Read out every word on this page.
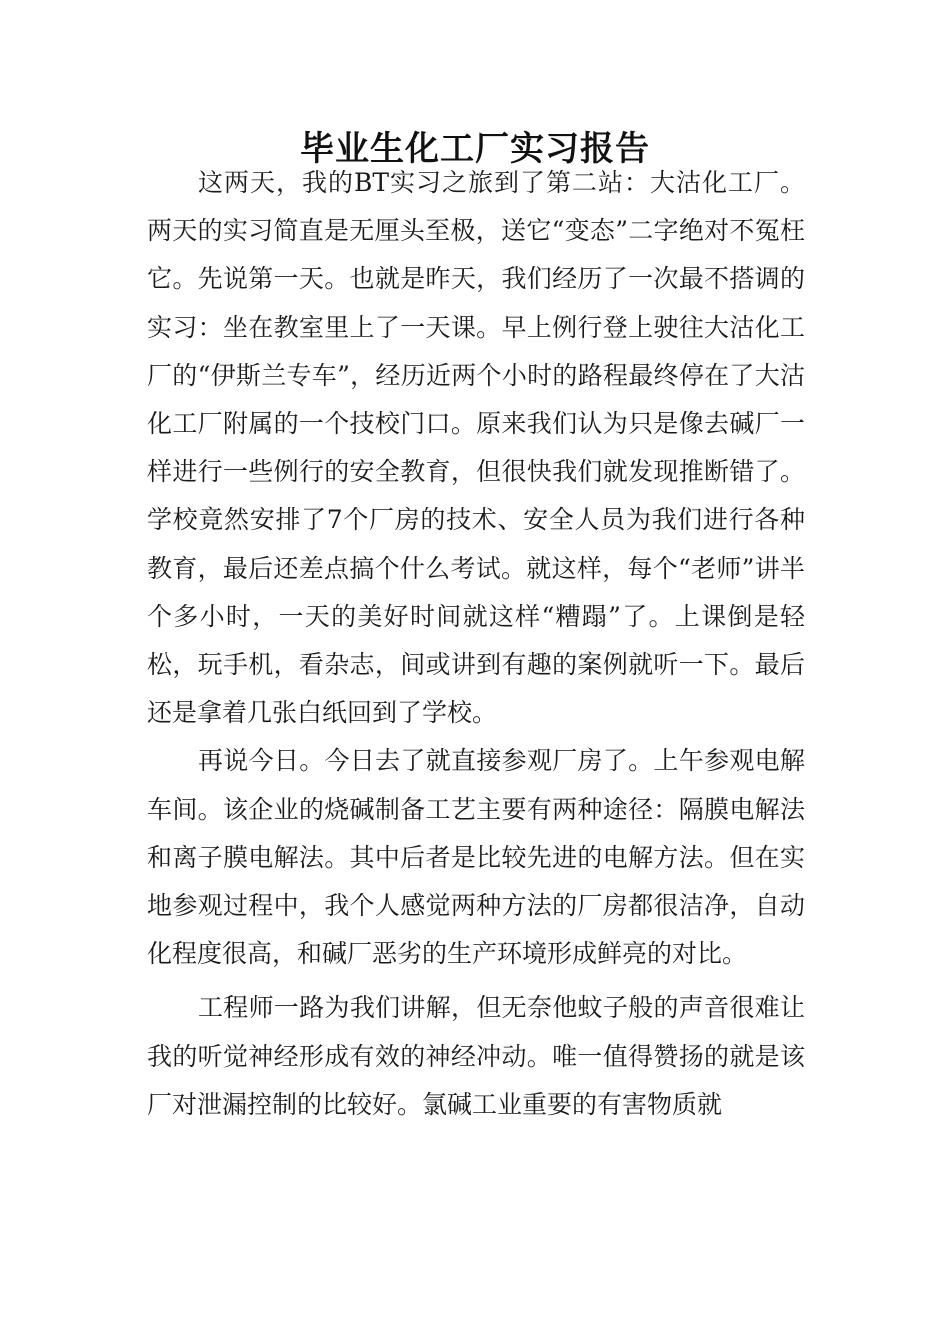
毕业生化工厂实习报告

这两天，我的BT实习之旅到了第二站：大沽化工厂。两天的实习简直是无厘头至极，送它“变态”二字绝对不冤枉它。先说第一天。也就是昨天，我们经历了一次最不搭调的实习：坐在教室里上了一天课。早上例行登上驶往大沽化工厂的“伊斯兰专车”，经历近两个小时的路程最终停在了大沽化工厂附属的一个技校门口。原来我们认为只是像去碱厂一样进行一些例行的安全教育，但很快我们就发现推断错了。学校竟然安排了7个厂房的技术、安全人员为我们进行各种教育，最后还差点搞个什么考试。就这样，每个“老师”讲半个多小时，一天的美好时间就这样“糟蹋”了。上课倒是轻松，玩手机，看杂志，间或讲到有趣的案例就听一下。最后还是拿着几张白纸回到了学校。

再说今日。今日去了就直接参观厂房了。上午参观电解车间。该企业的烧碱制备工艺主要有两种途径：隔膜电解法和离子膜电解法。其中后者是比较先进的电解方法。但在实地参观过程中，我个人感觉两种方法的厂房都很洁净，自动化程度很高，和碱厂恶劣的生产环境形成鲜亮的对比。

工程师一路为我们讲解，但无奈他蚊子般的声音很难让我的听觉神经形成有效的神经冲动。唯一值得赞扬的就是该厂对泄漏控制的比较好。氯碱工业重要的有害物质就
